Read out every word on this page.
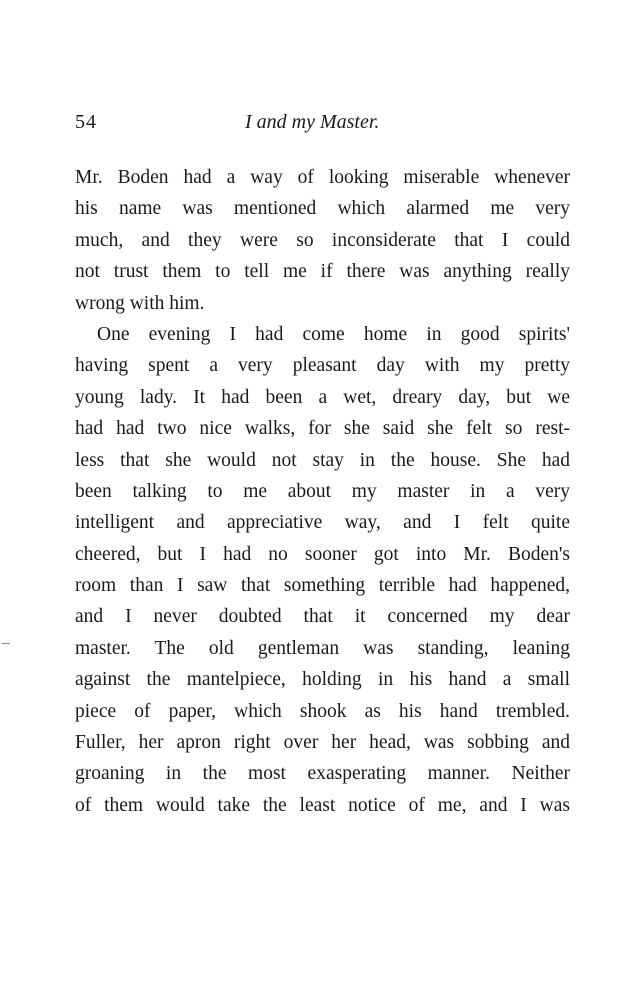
54	I and my Master.
Mr. Boden had a way of looking miserable whenever
his name was mentioned which alarmed me very
much, and they were so inconsiderate that I could
not trust them to tell me if there was anything really
wrong with him.
One evening I had come home in good spirits'
having spent a very pleasant day with my pretty
young lady. It had been a wet, dreary day, but we
had had two nice walks, for she said she felt so rest-
less that she would not stay in the house. She had
been talking to me about my master in a very
intelligent and appreciative way, and I felt quite
cheered, but I had no sooner got into Mr. Boden's
room than I saw that something terrible had happened,
and I never doubted that it concerned my dear
master. The old gentleman was standing, leaning
against the mantelpiece, holding in his hand a small
piece of paper, which shook as his hand trembled.
Fuller, her apron right over her head, was sobbing and
groaning in the most exasperating manner. Neither
of them would take the least notice of me, and I was
